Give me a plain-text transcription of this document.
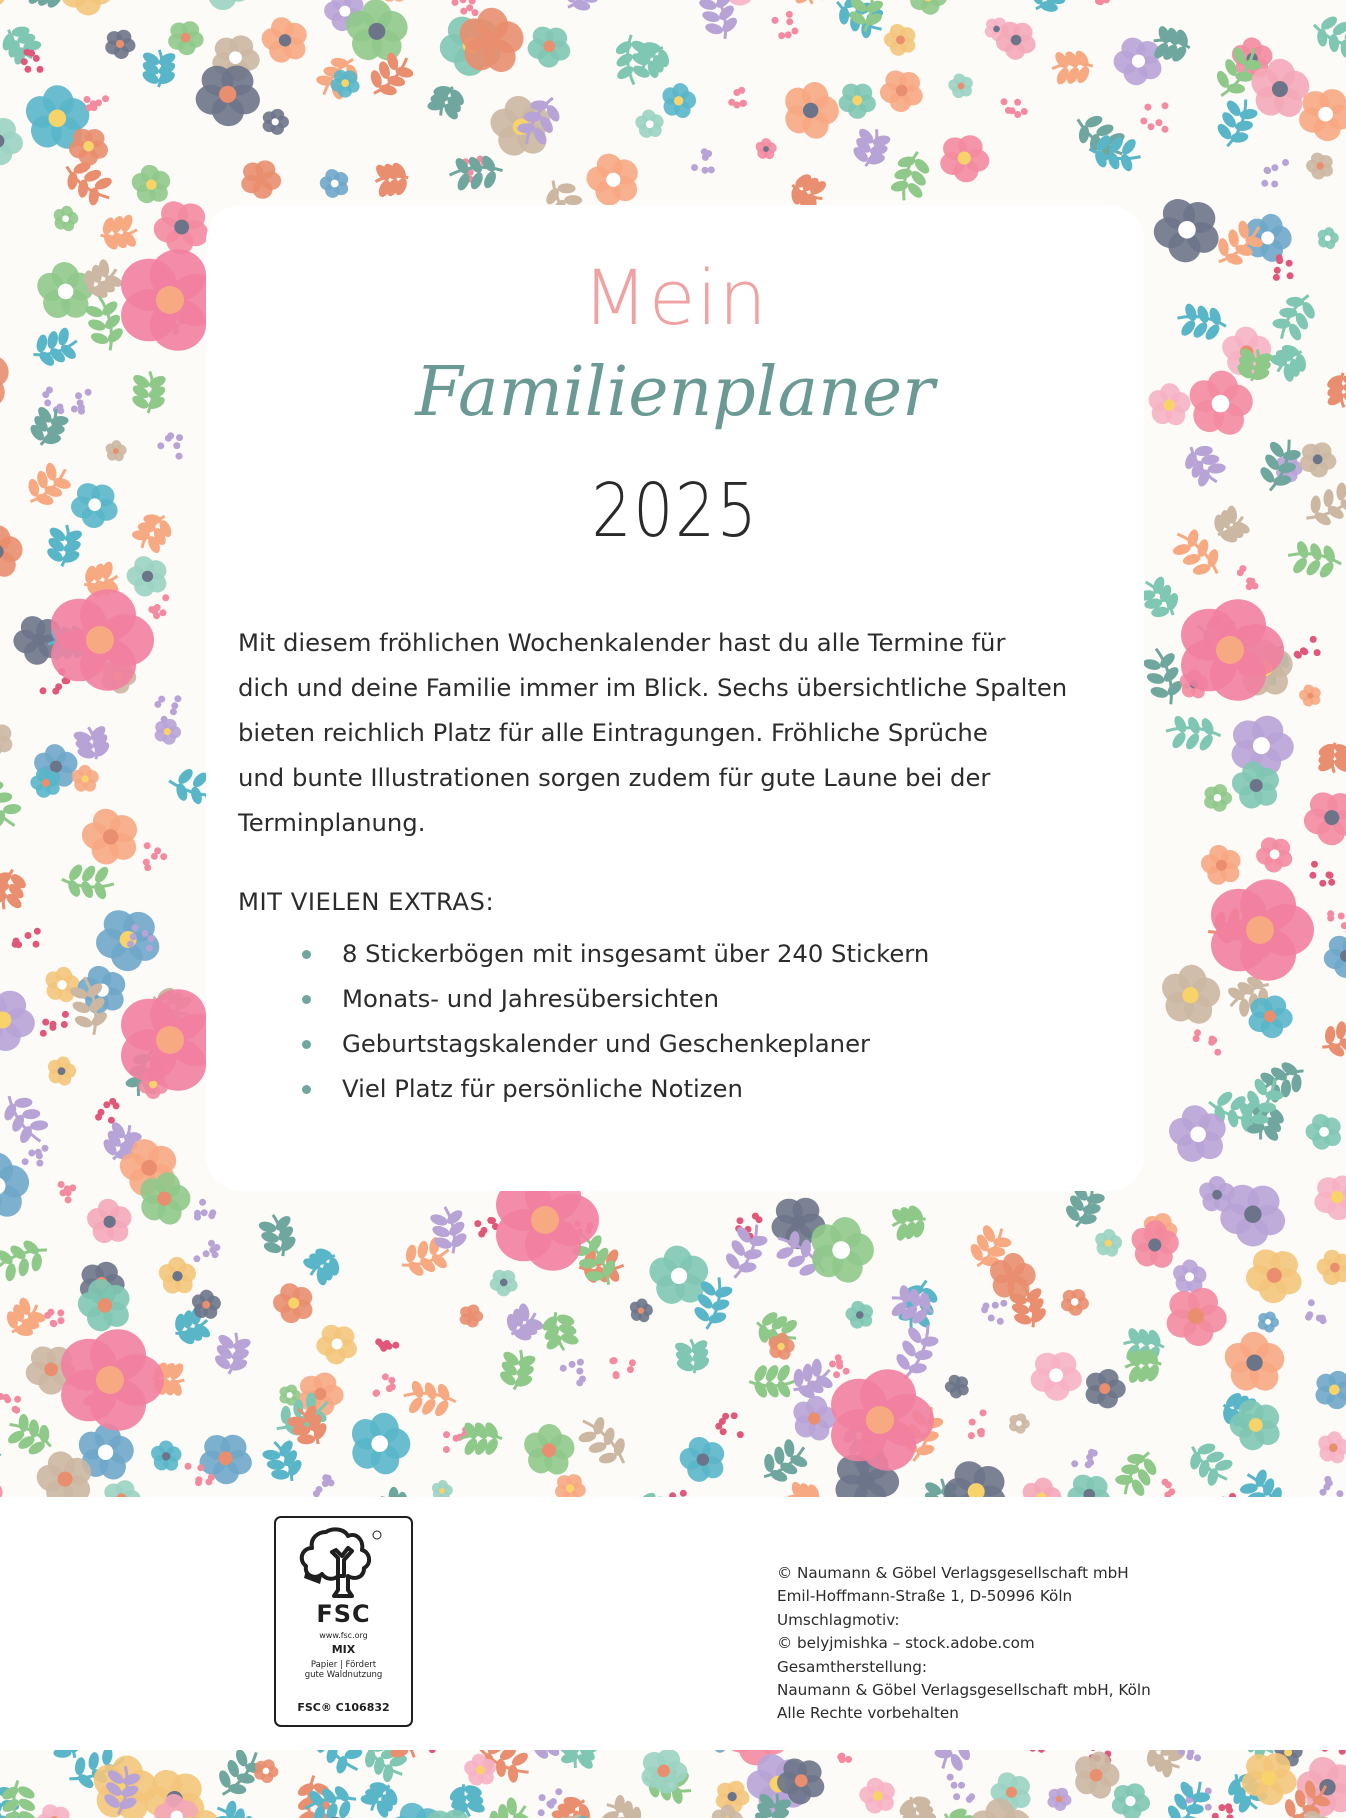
Mein
Familienplaner
2025
Mit diesem fröhlichen Wochenkalender hast du alle Termine für
dich und deine Familie immer im Blick. Sechs übersichtliche Spalten
bieten reichlich Platz für alle Eintragungen. Fröhliche Sprüche
und bunte Illustrationen sorgen zudem für gute Laune bei der
Terminplanung.
MIT VIELEN EXTRAS:
8 Stickerbögen mit insgesamt über 240 Stickern
Monats- und Jahresübersichten
Geburtstagskalender und Geschenkeplaner
Viel Platz für persönliche Notizen
FSC
www.fsc.org
MIX
Papier | Fördert
gute Waldnutzung
FSC® C106832
© Naumann & Göbel Verlagsgesellschaft mbH
Emil-Hoffmann-Straße 1, D-50996 Köln
Umschlagmotiv:
© belyjmishka – stock.adobe.com
Gesamtherstellung:
Naumann & Göbel Verlagsgesellschaft mbH, Köln
Alle Rechte vorbehalten
